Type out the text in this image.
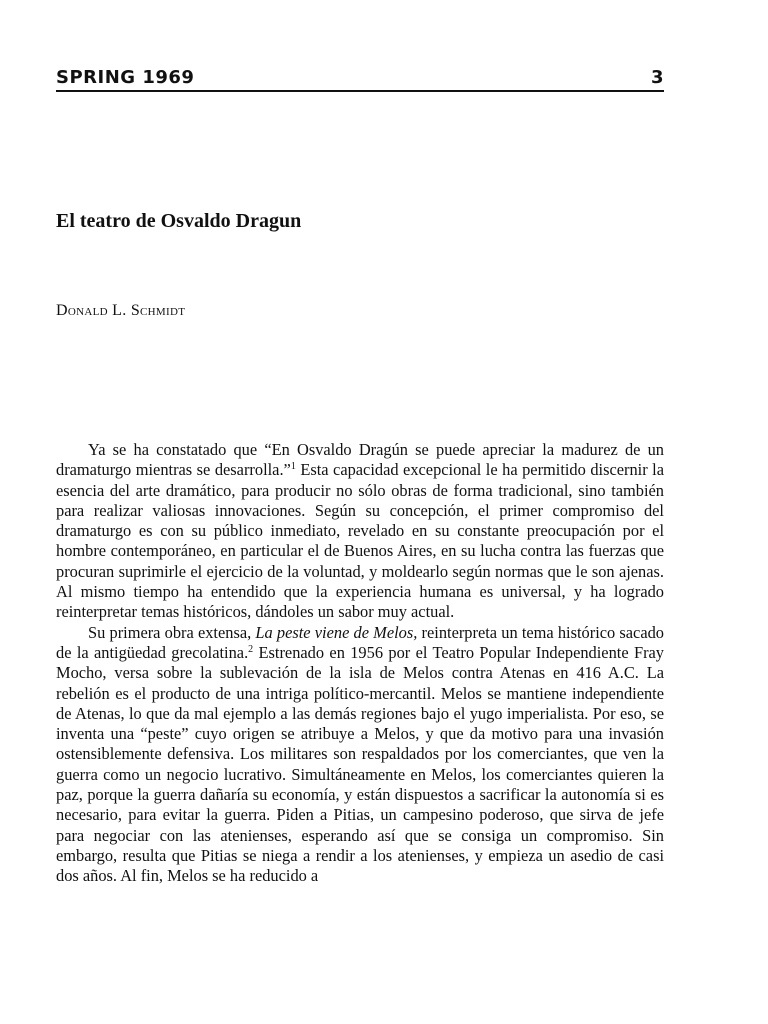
SPRING 1969	3
El teatro de Osvaldo Dragun

Donald L. Schmidt

Ya se ha constatado que “En Osvaldo Dragún se puede apreciar la madurez de un dramaturgo mientras se desarrolla.”$^1$ Esta capacidad excepcional le ha permitido discernir la esencia del arte dramático, para producir no sólo obras de forma tradicional, sino también para realizar valiosas innovaciones. Según su concepción, el primer compromiso del dramaturgo es con su público inmediato, revelado en su constante preocupación por el hombre contemporáneo, en particular el de Buenos Aires, en su lucha contra las fuerzas que procuran suprimirle el ejercicio de la voluntad, y moldearlo según normas que le son ajenas. Al mismo tiempo ha entendido que la experiencia humana es universal, y ha logrado reinterpretar temas históricos, dándoles un sabor muy actual.

Su primera obra extensa, La peste viene de Melos, reinterpreta un tema histórico sacado de la antigüedad grecolatina.$^2$ Estrenado en 1956 por el Teatro Popular Independiente Fray Mocho, versa sobre la sublevación de la isla de Melos contra Atenas en 416 A.C. La rebelión es el producto de una intriga político-mercantil. Melos se mantiene independiente de Atenas, lo que da mal ejemplo a las demás regiones bajo el yugo imperialista. Por eso, se inventa una “peste” cuyo origen se atribuye a Melos, y que da motivo para una invasión ostensiblemente defensiva. Los militares son respaldados por los comerciantes, que ven la guerra como un negocio lucrativo. Simultáneamente en Melos, los comerciantes quieren la paz, porque la guerra dañaría su economía, y están dispuestos a sacrificar la autonomía si es necesario, para evitar la guerra. Piden a Pitias, un campesino poderoso, que sirva de jefe para negociar con las atenienses, esperando así que se consiga un compromiso. Sin embargo, resulta que Pitias se niega a rendir a los atenienses, y empieza un asedio de casi dos años. Al fin, Melos se ha reducido a
